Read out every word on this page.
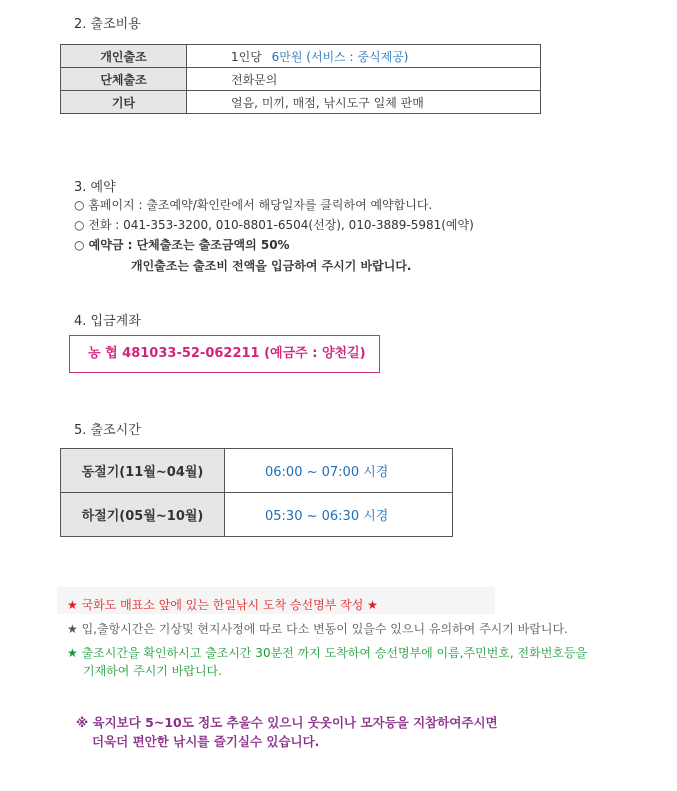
2. 출조비용
개인출조	1인당 6만원 (서비스 : 중식제공)
단체출조	전화문의
기타	얼음, 미끼, 매점, 낚시도구 일체 판매
3. 예약
○ 홈페이지 : 출조예약/확인란에서 해당일자를 클릭하여 예약합니다.
○ 전화 : 041-353-3200, 010-8801-6504(선장), 010-3889-5981(예약)
○ 예약금 : 단체출조는 출조금액의 50%
개인출조는 출조비 전액을 입금하여 주시기 바랍니다.
4. 입금계좌
농 협 481033-52-062211 (예금주 : 양천길)
5. 출조시간
동절기(11월~04월)	06:00 ~ 07:00 시경
하절기(05월~10월)	05:30 ~ 06:30 시경
★ 국화도 매표소 앞에 있는 한일낚시 도착 승선명부 작성 ★
★ 입,출항시간은 기상및 현지사정에 따로 다소 변동이 있을수 있으니 유의하여 주시기 바랍니다.
★ 출조시간을 확인하시고 출조시간 30분전 까지 도착하여 승선명부에 이름,주민번호, 전화번호등을
기재하여 주시기 바랍니다.
※ 육지보다 5~10도 정도 추울수 있으니 웃옷이나 모자등을 지참하여주시면
더욱더 편안한 낚시를 즐기실수 있습니다.
